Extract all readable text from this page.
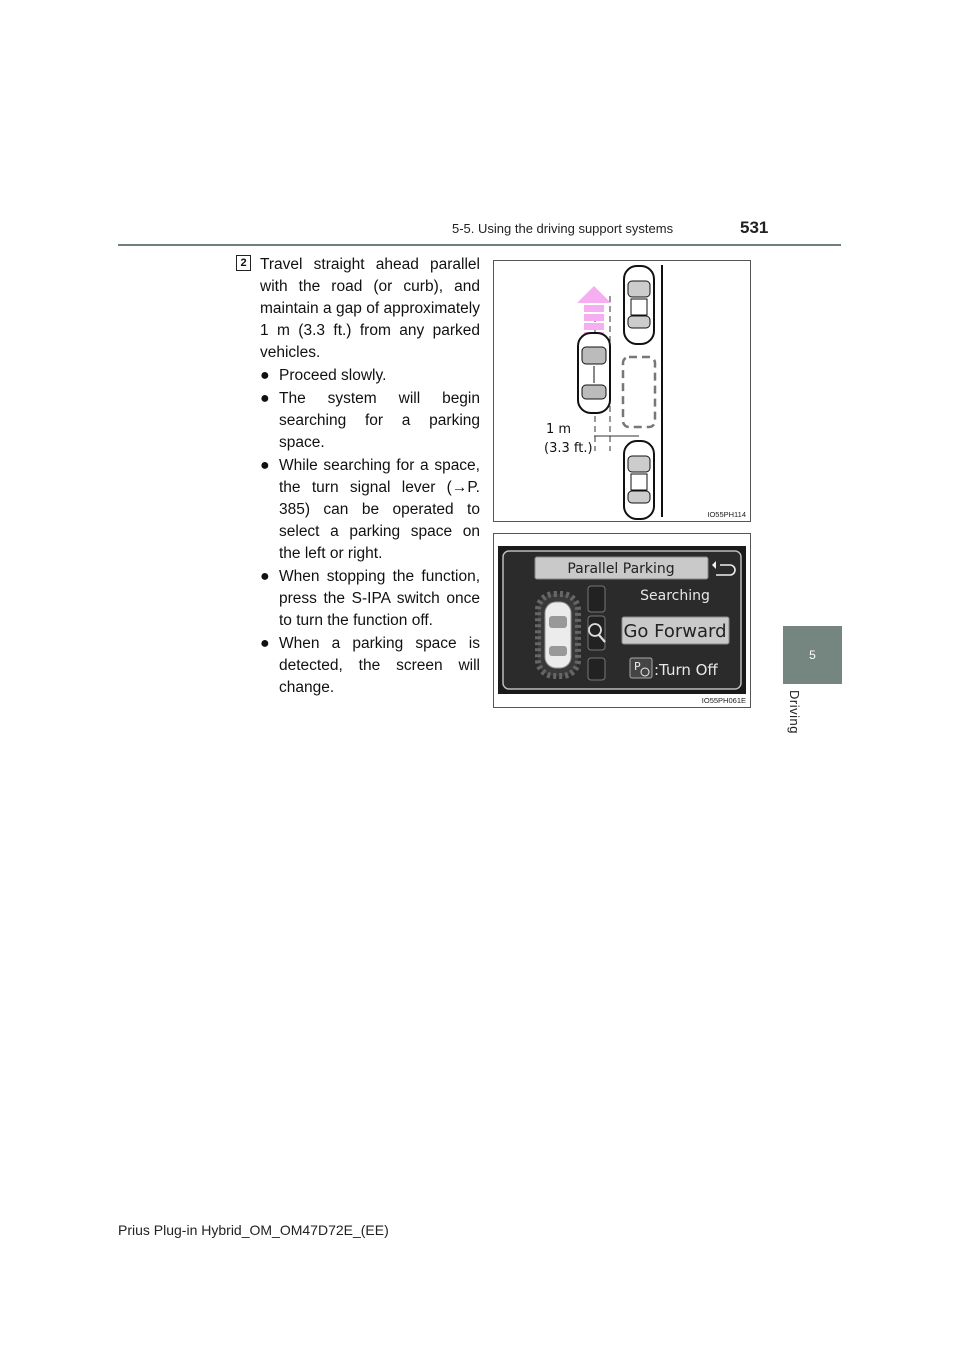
5-5. Using the driving support systems	531
5
Driving
2 Travel straight ahead parallel with the road (or curb), and maintain a gap of approximately 1 m (3.3 ft.) from any parked vehicles.

● Proceed slowly.
● The system will begin searching for a parking space.
● While searching for a space, the turn signal lever (→P. 385) can be operated to select a parking space on the left or right.
● When stopping the function, press the S-IPA switch once to turn the function off.
● When a parking space is detected, the screen will change.
1 m
(3.3 ft.)
IO55PH114
Parallel Parking
Searching
Go Forward
P :Turn Off
IO55PH061E
Prius Plug-in Hybrid_OM_OM47D72E_(EE)
